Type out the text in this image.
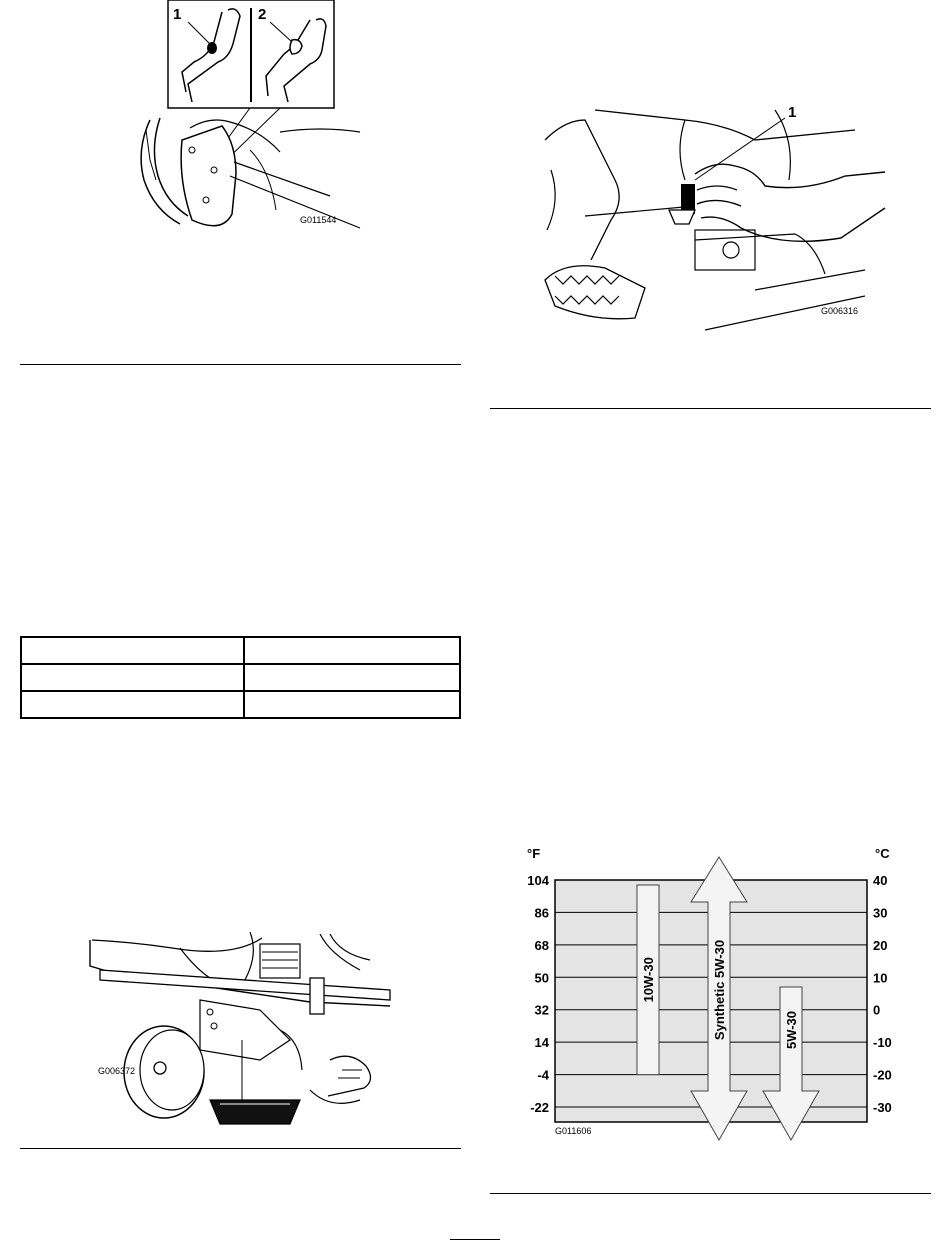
1	2
G011544
1
G006316

G006372
104	40
86	30
68	20
50	10
32	0
14	-10
-4	-20
-22	-30
°F	°C
10W-30	Synthetic 5W-30	5W-30
G011606
